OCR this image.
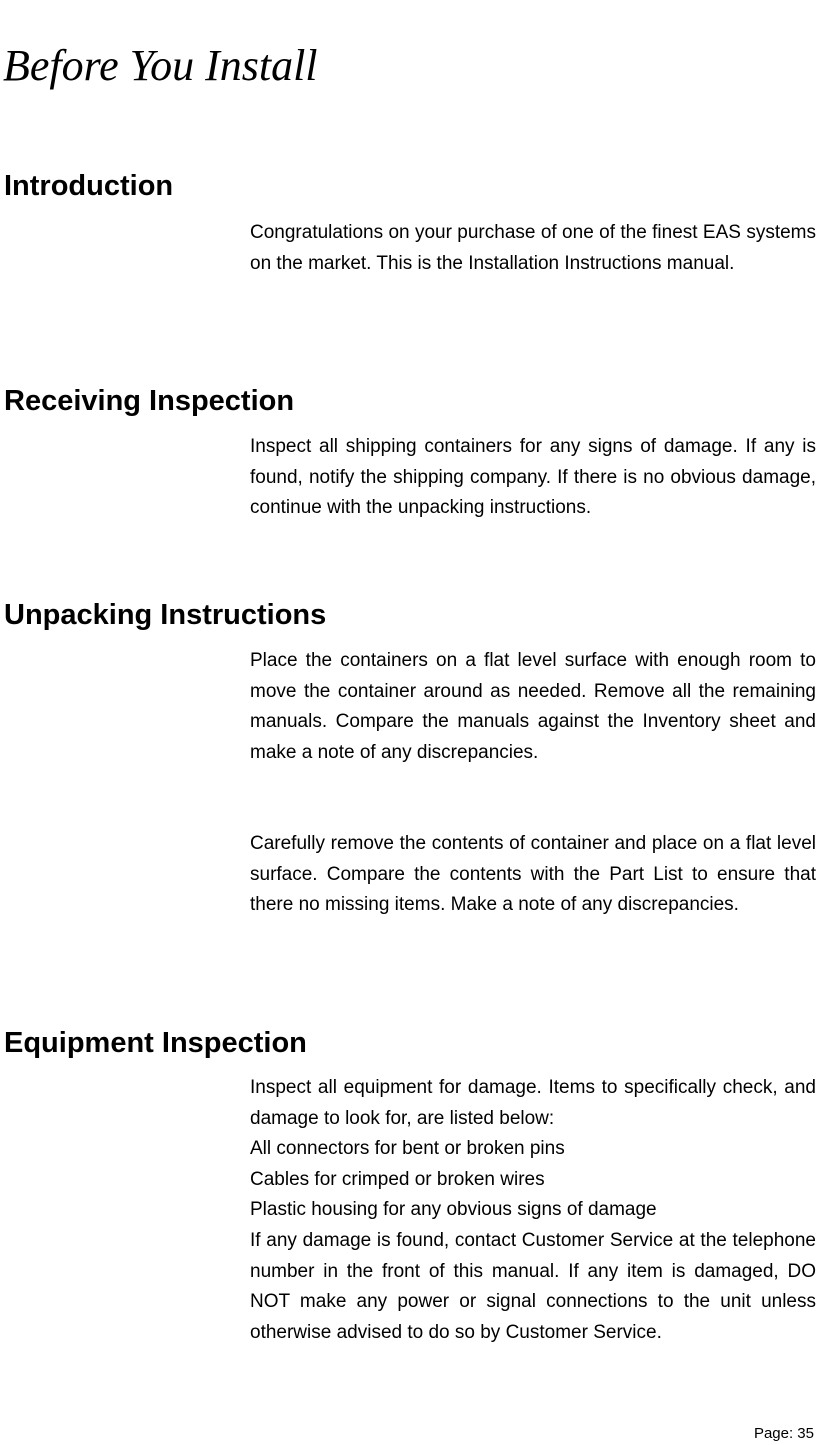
Before You Install
Introduction

Congratulations on your purchase of one of the finest EAS systems on the market. This is the Installation Instructions manual.

Receiving Inspection

Inspect all shipping containers for any signs of damage. If any is found, notify the shipping company. If there is no obvious damage, continue with the unpacking instructions.

Unpacking Instructions

Place the containers on a flat level surface with enough room to move the container around as needed. Remove all the remaining manuals. Compare the manuals against the Inventory sheet and make a note of any discrepancies.

Carefully remove the contents of container and place on a flat level surface. Compare the contents with the Part List to ensure that there no missing items. Make a note of any discrepancies.

Equipment Inspection

Inspect all equipment for damage. Items to specifically check, and damage to look for, are listed below:

All connectors for bent or broken pins

Cables for crimped or broken wires

Plastic housing for any obvious signs of damage

If any damage is found, contact Customer Service at the telephone number in the front of this manual. If any item is damaged, DO NOT make any power or signal connections to the unit unless otherwise advised to do so by Customer Service.

Page: 35
